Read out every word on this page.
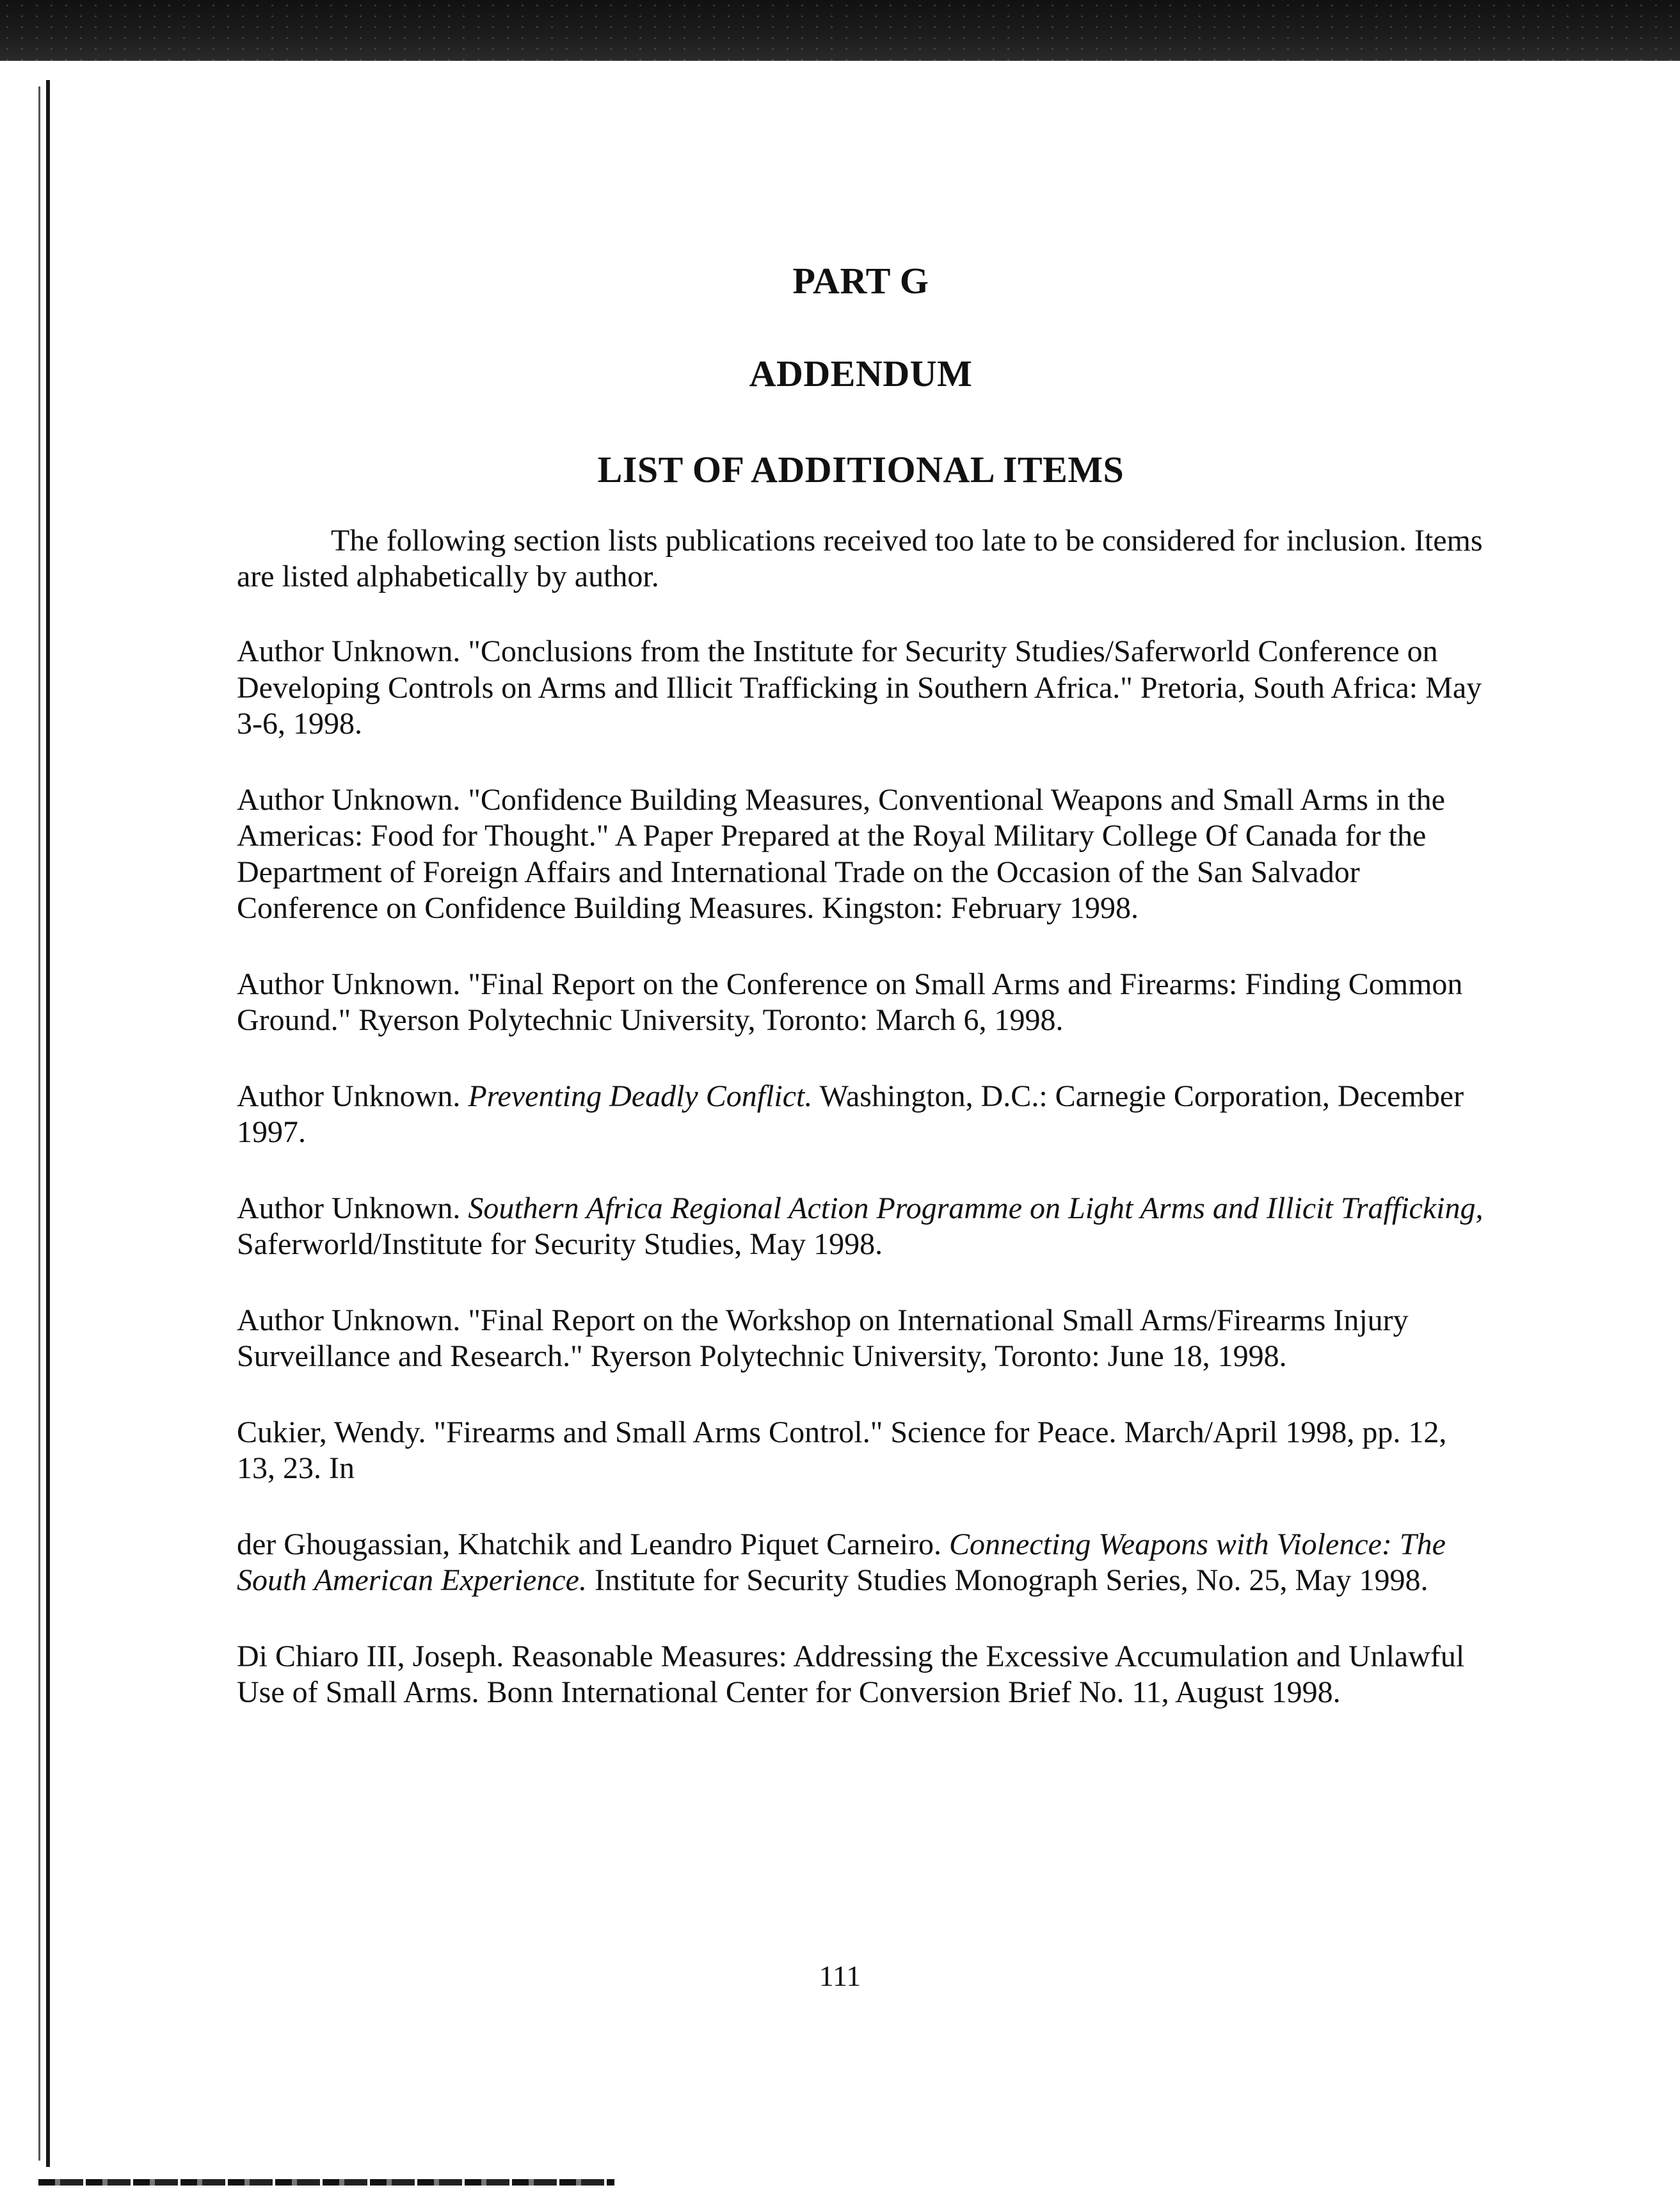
PART G
ADDENDUM
LIST OF ADDITIONAL ITEMS

The following section lists publications received too late to be considered for inclusion. Items are listed alphabetically by author.

Author Unknown. "Conclusions from the Institute for Security Studies/Saferworld Conference on Developing Controls on Arms and Illicit Trafficking in Southern Africa." Pretoria, South Africa: May 3-6, 1998.

Author Unknown. "Confidence Building Measures, Conventional Weapons and Small Arms in the Americas: Food for Thought." A Paper Prepared at the Royal Military College Of Canada for the Department of Foreign Affairs and International Trade on the Occasion of the San Salvador Conference on Confidence Building Measures. Kingston: February 1998.

Author Unknown. "Final Report on the Conference on Small Arms and Firearms: Finding Common Ground." Ryerson Polytechnic University, Toronto: March 6, 1998.

Author Unknown. Preventing Deadly Conflict. Washington, D.C.: Carnegie Corporation, December 1997.

Author Unknown. Southern Africa Regional Action Programme on Light Arms and Illicit Trafficking, Saferworld/Institute for Security Studies, May 1998.

Author Unknown. "Final Report on the Workshop on International Small Arms/Firearms Injury Surveillance and Research." Ryerson Polytechnic University, Toronto: June 18, 1998.

Cukier, Wendy. "Firearms and Small Arms Control." Science for Peace. March/April 1998, pp. 12, 13, 23. In

der Ghougassian, Khatchik and Leandro Piquet Carneiro. Connecting Weapons with Violence: The South American Experience. Institute for Security Studies Monograph Series, No. 25, May 1998.

Di Chiaro III, Joseph. Reasonable Measures: Addressing the Excessive Accumulation and Unlawful Use of Small Arms. Bonn International Center for Conversion Brief No. 11, August 1998.

111
